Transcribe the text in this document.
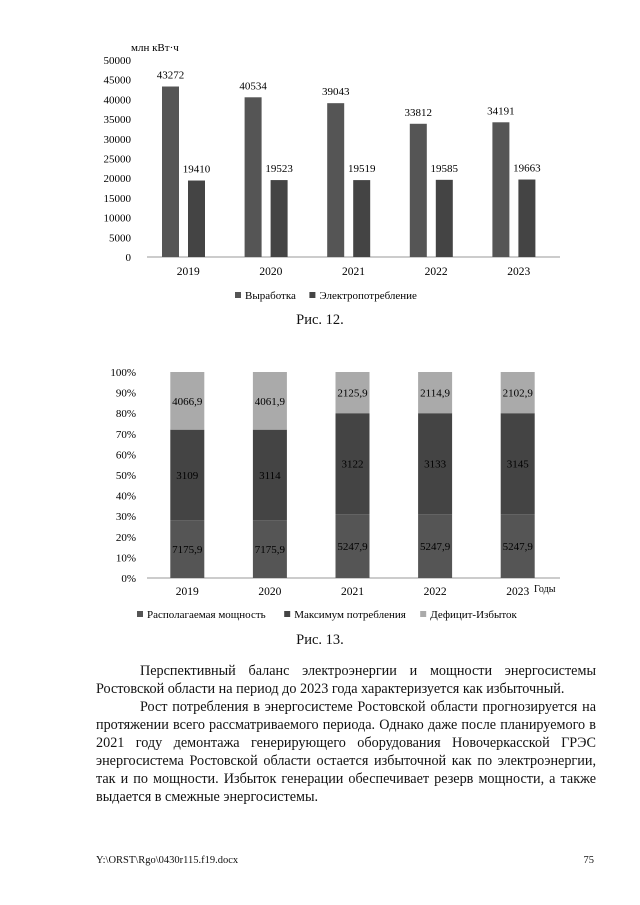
млн кВт·ч
0
5000
10000
15000
20000
25000
30000
35000
40000
45000
50000
43272
19410
2019
40534
19523
2020
39043
19519
2021
33812
19585
2022
34191
19663
2023
Выработка Электропотребление
Рис. 12.
0%
10%
20%
30%
40%
50%
60%
70%
80%
90%
100%
7175,9
3109
4066,9
2019
7175,9
3114
4061,9
2020
5247,9
3122
2125,9
2021
5247,9
3133
2114,9
2022
5247,9
3145
2102,9
2023 Годы
Располагаемая мощность	Максимум потребления Дефицит-Избыток
Рис. 13.

Перспективный баланс электроэнергии и мощности энергосистемы Ростовской области на период до 2023 года характеризуется как избыточный.

Рост потребления в энергосистеме Ростовской области прогнозируется на протяжении всего рассматриваемого периода. Однако даже после планируемого в 2021 году демонтажа генерирующего оборудования Новочеркасской ГРЭС энергосистема Ростовской области остается избыточной как по электроэнергии, так и по мощности. Избыток генерации обеспечивает резерв мощности, а также выдается в смежные энергосистемы.

Y:\ORST\Rgo\0430r115.f19.docx	75
